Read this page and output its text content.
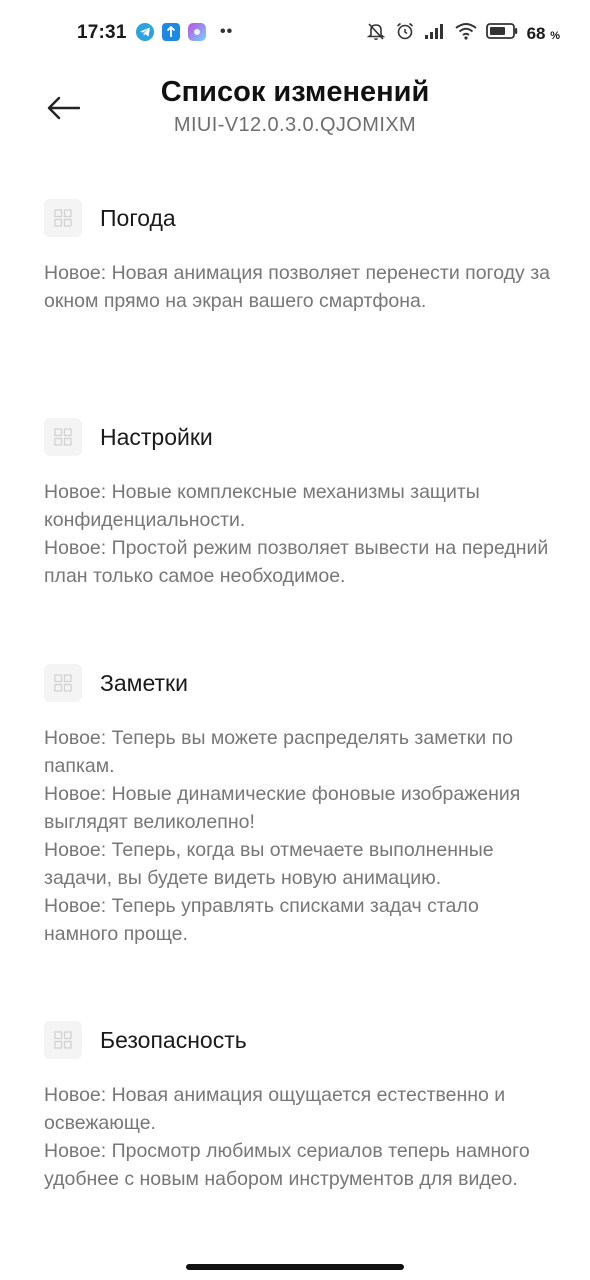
17:31	••	68 %
Список изменений
MIUI-V12.0.3.0.QJOMIXM
Погода

Новое: Новая анимация позволяет перенести погоду за окном прямо на экран вашего смартфона.

Настройки

Новое: Новые комплексные механизмы защиты конфиденциальности.

Новое: Простой режим позволяет вывести на передний план только самое необходимое.

Заметки

Новое: Теперь вы можете распределять заметки по папкам.

Новое: Новые динамические фоновые изображения выглядят великолепно!

Новое: Теперь, когда вы отмечаете выполненные задачи, вы будете видеть новую анимацию.

Новое: Теперь управлять списками задач стало намного проще.

Безопасность

Новое: Новая анимация ощущается естественно и освежающе.

Новое: Просмотр любимых сериалов теперь намного удобнее с новым набором инструментов для видео.
